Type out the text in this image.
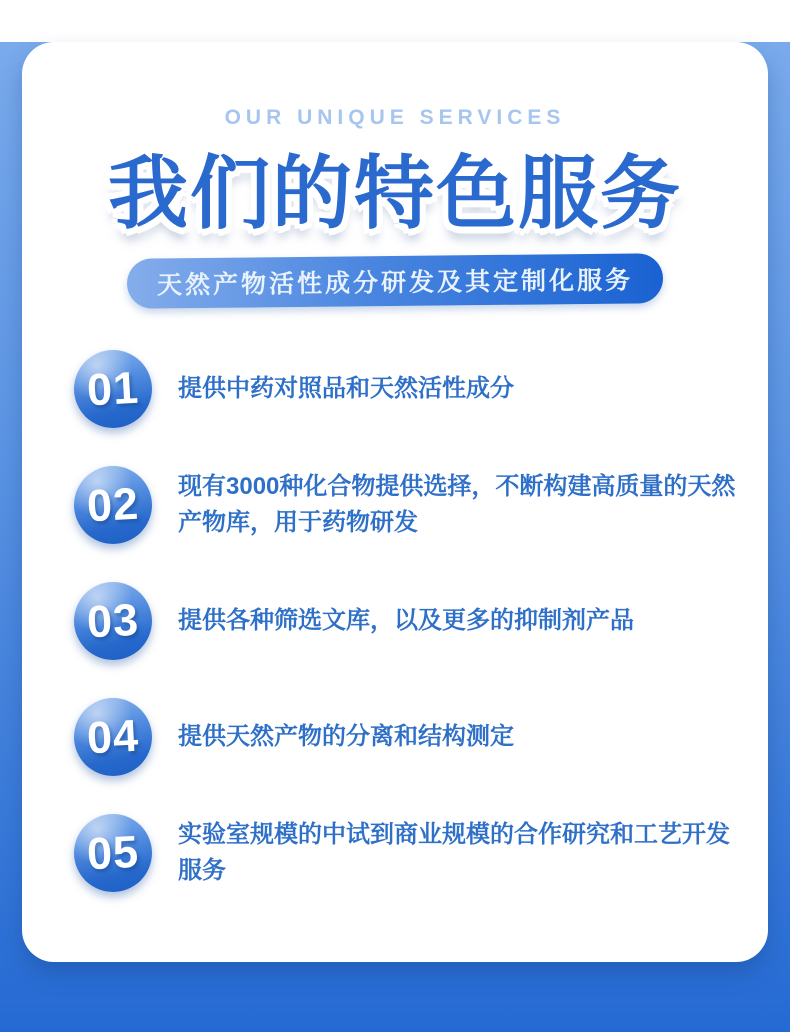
OUR UNIQUE SERVICES
我们的特色服务
天然产物活性成分研发及其定制化服务
01 提供中药对照品和天然活性成分

02 现有3000种化合物提供选择，不断构建高质量的天然产物库，用于药物研发

03 提供各种筛选文库，以及更多的抑制剂产品

04 提供天然产物的分离和结构测定

05 实验室规模的中试到商业规模的合作研究和工艺开发服务
